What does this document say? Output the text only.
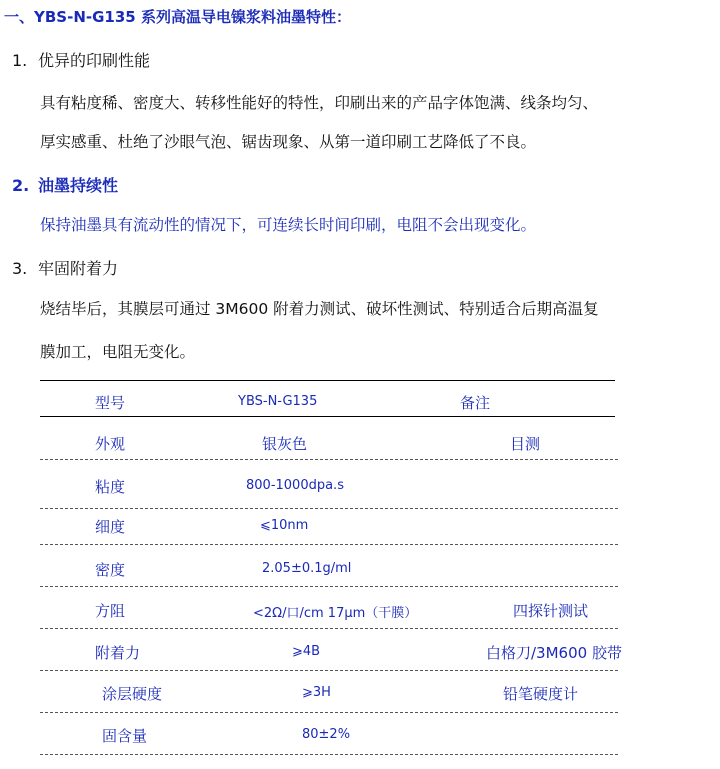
一、YBS-N-G135 系列高温导电镍浆料油墨特性：
1. 优异的印刷性能
具有粘度稀、密度大、转移性能好的特性，印刷出来的产品字体饱满、线条均匀、
厚实感重、杜绝了沙眼气泡、锯齿现象、从第一道印刷工艺降低了不良。
2. 油墨持续性
保持油墨具有流动性的情况下，可连续长时间印刷，电阻不会出现变化。
3. 牢固附着力
烧结毕后，其膜层可通过 3M600 附着力测试、破坏性测试、特别适合后期高温复
膜加工，电阻无变化。
型号	YBS-N-G135	备注
外观	银灰色	目测
粘度	800-1000dpa.s
细度	⩽10nm
密度	2.05±0.1g/ml
方阻	<2Ω/口/cm 17μm（干膜）	四探针测试
附着力	⩾4B	白格刀/3M600 胶带
涂层硬度	⩾3H	铅笔硬度计
固含量	80±2%
